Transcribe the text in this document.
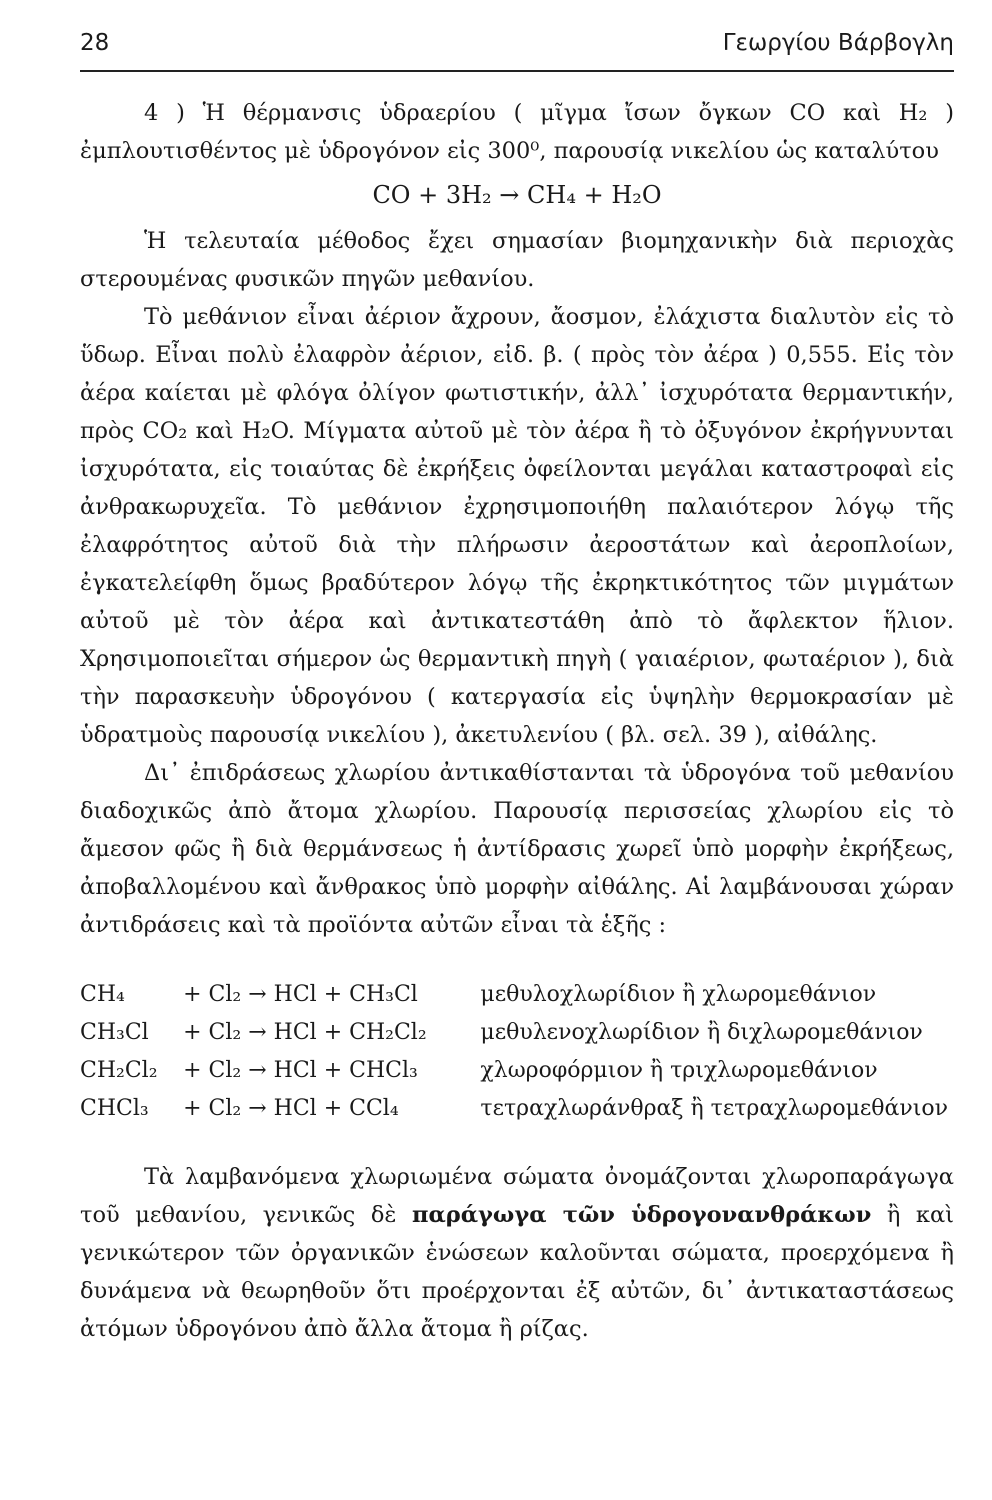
28	Γεωργίου Βάρβογλη

4 ) Ἡ θέρμανσις ὑδραερίου ( μῖγμα ἴσων ὄγκων CO καὶ H₂ ) ἐμπλουτισθέντος μὲ ὑδρογόνον εἰς 300⁰, παρουσίᾳ νικελίου ὡς καταλύτου

CO + 3H₂ → CH₄ + H₂O

Ἡ τελευταία μέθοδος ἔχει σημασίαν βιομηχανικὴν διὰ περιοχὰς στερουμένας φυσικῶν πηγῶν μεθανίου.

Τὸ μεθάνιον εἶναι ἀέριον ἄχρουν, ἄοσμον, ἐλάχιστα διαλυτὸν εἰς τὸ ὕδωρ. Εἶναι πολὺ ἐλαφρὸν ἀέριον, εἰδ. β. ( πρὸς τὸν ἀέρα ) 0,555. Εἰς τὸν ἀέρα καίεται μὲ φλόγα ὀλίγον φωτιστικήν, ἀλλ᾽ ἰσχυρότατα θερμαντικήν, πρὸς CO₂ καὶ H₂O. Μίγματα αὐτοῦ μὲ τὸν ἀέρα ἢ τὸ ὀξυγόνον ἐκρήγνυνται ἰσχυρότατα, εἰς τοιαύτας δὲ ἐκρήξεις ὀφείλονται μεγάλαι καταστροφαὶ εἰς ἀνθρακωρυχεῖα. Τὸ μεθάνιον ἐχρησιμοποιήθη παλαιότερον λόγῳ τῆς ἐλαφρότητος αὐτοῦ διὰ τὴν πλήρωσιν ἀεροστάτων καὶ ἀεροπλοίων, ἐγκατελείφθη ὅμως βραδύτερον λόγῳ τῆς ἐκρηκτικότητος τῶν μιγμάτων αὐτοῦ μὲ τὸν ἀέρα καὶ ἀντικατεστάθη ἀπὸ τὸ ἄφλεκτον ἥλιον. Χρησιμοποιεῖται σήμερον ὡς θερμαντικὴ πηγὴ ( γαιαέριον, φωταέριον ), διὰ τὴν παρασκευὴν ὑδρογόνου ( κατεργασία εἰς ὑψηλὴν θερμοκρασίαν μὲ ὑδρατμοὺς παρουσίᾳ νικελίου ), ἀκετυλενίου ( βλ. σελ. 39 ), αἰθάλης.

Δι᾽ ἐπιδράσεως χλωρίου ἀντικαθίστανται τὰ ὑδρογόνα τοῦ μεθανίου διαδοχικῶς ἀπὸ ἄτομα χλωρίου. Παρουσίᾳ περισσείας χλωρίου εἰς τὸ ἄμεσον φῶς ἢ διὰ θερμάνσεως ἡ ἀντίδρασις χωρεῖ ὑπὸ μορφὴν ἐκρήξεως, ἀποβαλλομένου καὶ ἄνθρακος ὑπὸ μορφὴν αἰθάλης. Αἱ λαμβάνουσαι χώραν ἀντιδράσεις καὶ τὰ προϊόντα αὐτῶν εἶναι τὰ ἑξῆς :

CH₄	+ Cl₂ → HCl + CH₃Cl	μεθυλοχλωρίδιον ἢ χλωρομεθάνιον
CH₃Cl	+ Cl₂ → HCl + CH₂Cl₂	μεθυλενοχλωρίδιον ἢ διχλωρομεθάνιον
CH₂Cl₂	+ Cl₂ → HCl + CHCl₃	χλωροφόρμιον ἢ τριχλωρομεθάνιον
CHCl₃	+ Cl₂ → HCl + CCl₄	τετραχλωράνθραξ ἢ τετραχλωρομεθάνιον

Τὰ λαμβανόμενα χλωριωμένα σώματα ὀνομάζονται χλωροπαράγωγα τοῦ μεθανίου, γενικῶς δὲ παράγωγα τῶν ὑδρογονανθράκων ἢ καὶ γενικώτερον τῶν ὀργανικῶν ἑνώσεων καλοῦνται σώματα, προερχόμενα ἢ δυνάμενα νὰ θεωρηθοῦν ὅτι προέρχονται ἐξ αὐτῶν, δι᾽ ἀντικαταστάσεως ἀτόμων ὑδρογόνου ἀπὸ ἄλλα ἄτομα ἢ ρίζας.
